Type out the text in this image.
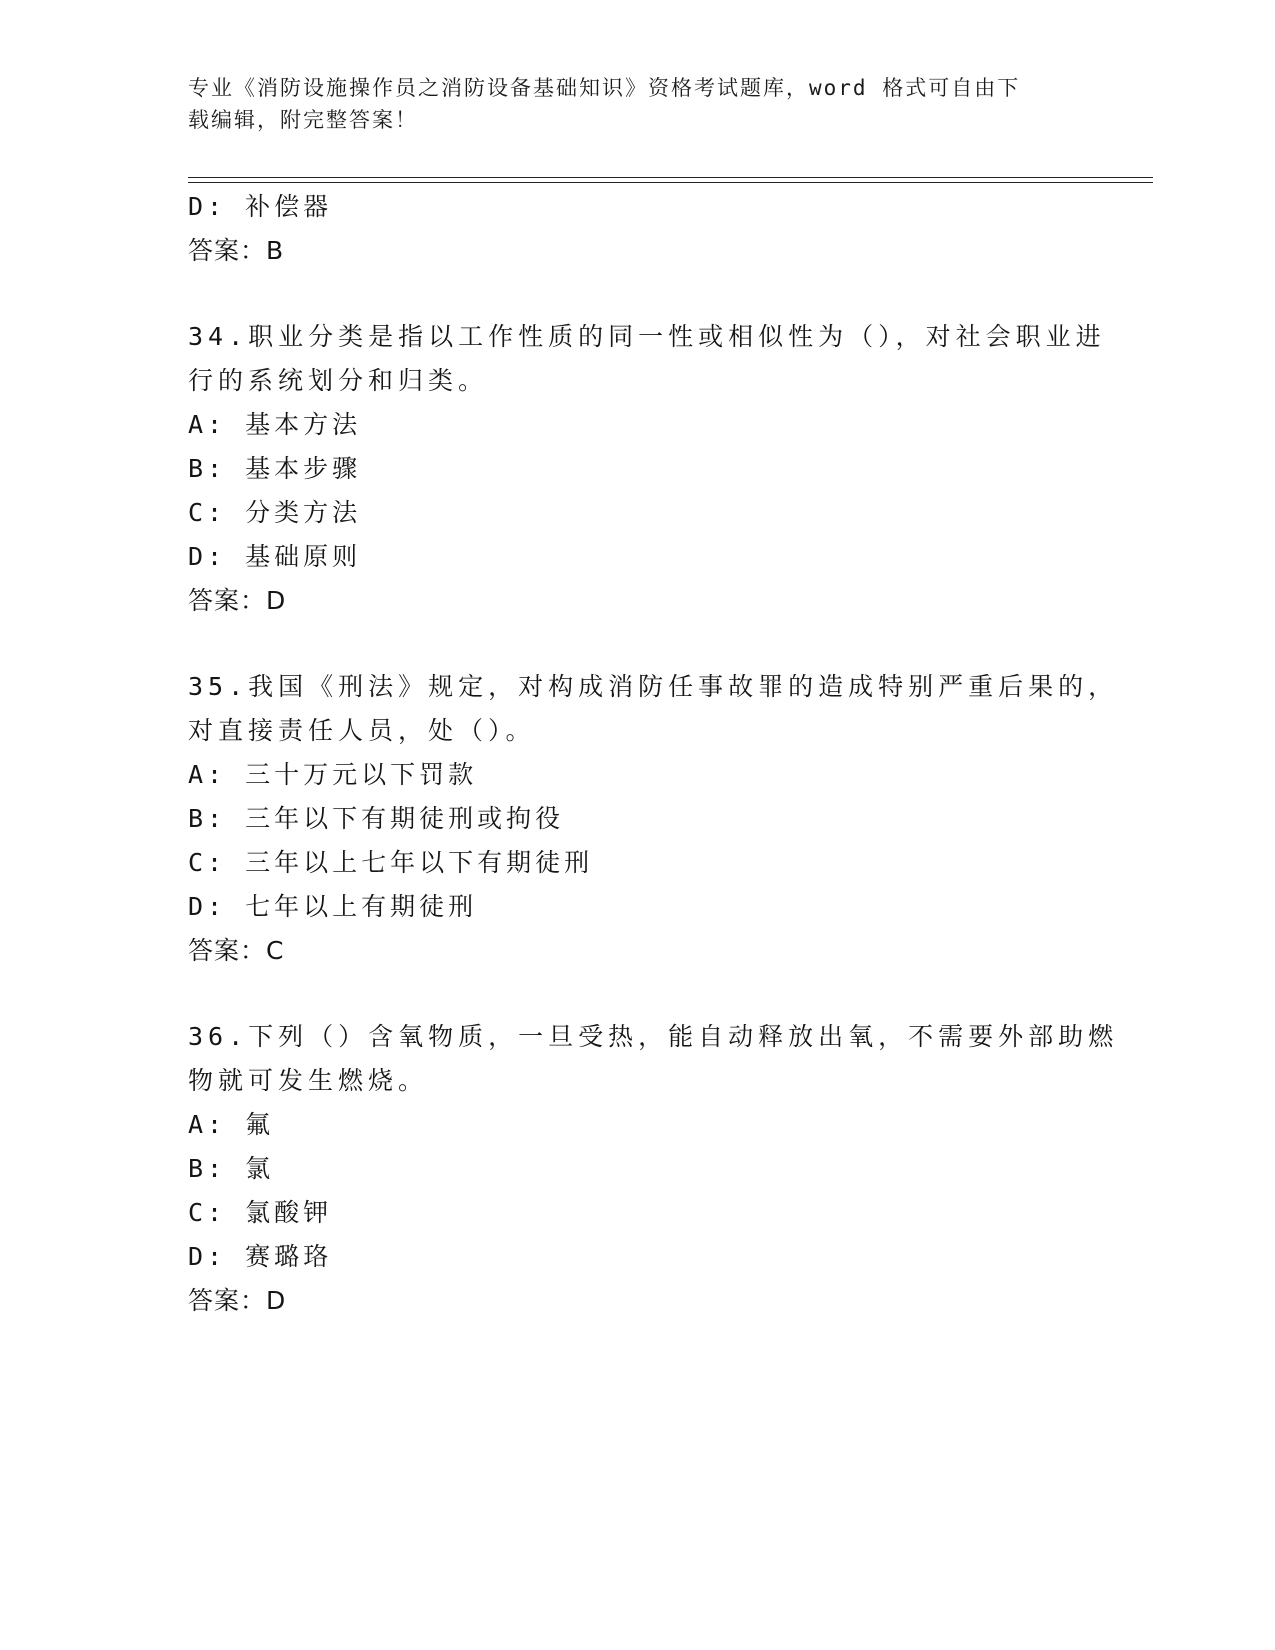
专业《消防设施操作员之消防设备基础知识》资格考试题库，word 格式可自由下
载编辑，附完整答案！
D: 补偿器
答案：B
34.职业分类是指以工作性质的同一性或相似性为（），对社会职业进
行的系统划分和归类。
A: 基本方法
B: 基本步骤
C: 分类方法
D: 基础原则
答案：D
35.我国《刑法》规定，对构成消防任事故罪的造成特别严重后果的，
对直接责任人员，处（）。
A: 三十万元以下罚款
B: 三年以下有期徒刑或拘役
C: 三年以上七年以下有期徒刑
D: 七年以上有期徒刑
答案：C
36.下列（）含氧物质，一旦受热，能自动释放出氧，不需要外部助燃
物就可发生燃烧。
A: 氟
B: 氯
C: 氯酸钾
D: 赛璐珞
答案：D
